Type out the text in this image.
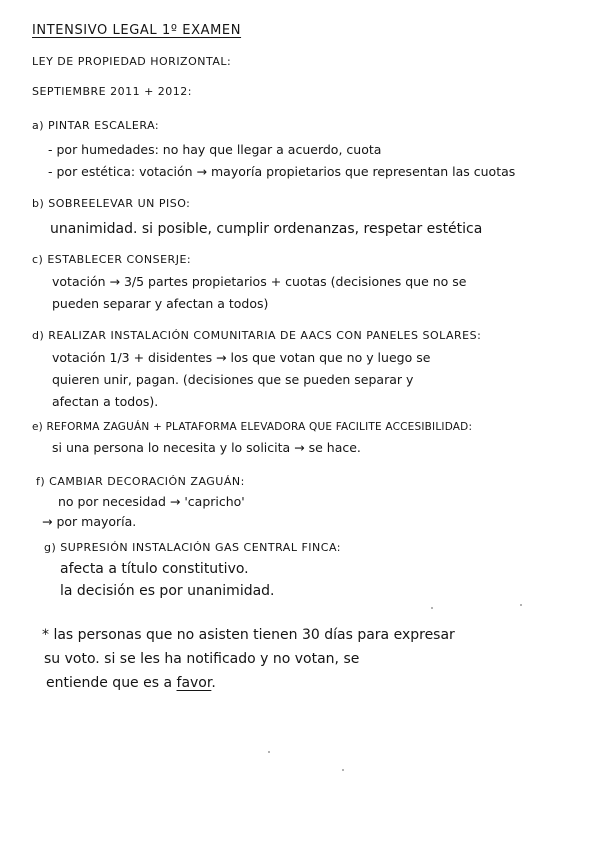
INTENSIVO LEGAL 1º EXAMEN
LEY DE PROPIEDAD HORIZONTAL:
SEPTIEMBRE 2011 + 2012:
a) PINTAR ESCALERA:
- por humedades: no hay que llegar a acuerdo, cuota
- por estética: votación → mayoría propietarios que representan las cuotas
b) SOBREELEVAR UN PISO:
unanimidad. si posible, cumplir ordenanzas, respetar estética
c) ESTABLECER CONSERJE:
votación → 3/5 partes propietarios + cuotas (decisiones que no se
pueden separar y afectan a todos)
d) REALIZAR INSTALACIÓN COMUNITARIA DE AACS CON PANELES SOLARES:
votación 1/3 + disidentes → los que votan que no y luego se
quieren unir, pagan. (decisiones que se pueden separar y
afectan a todos).
e) REFORMA ZAGUÁN + PLATAFORMA ELEVADORA QUE FACILITE ACCESIBILIDAD:
si una persona lo necesita y lo solicita → se hace.
f) CAMBIAR DECORACIÓN ZAGUÁN:
no por necesidad → 'capricho'
→ por mayoría.
g) SUPRESIÓN INSTALACIÓN GAS CENTRAL FINCA:
afecta a título constitutivo.
la decisión es por unanimidad.
* las personas que no asisten tienen 30 días para expresar
su voto. si se les ha notificado y no votan, se
entiende que es a favor.
